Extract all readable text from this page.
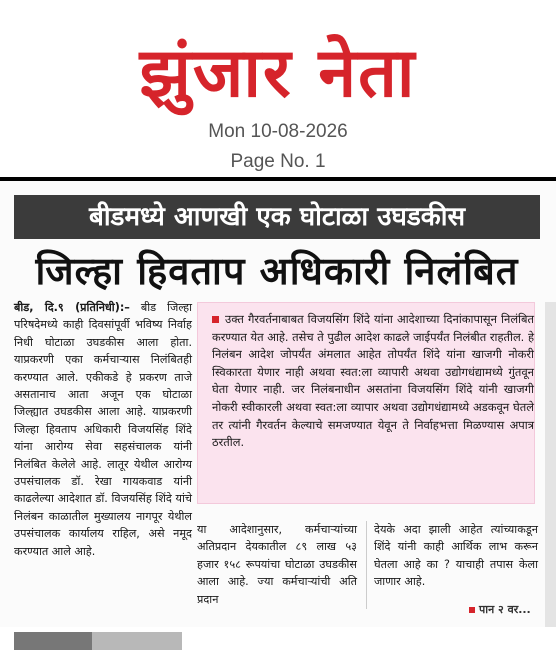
झुंजार नेता
Mon 10-08-2026
Page No. 1
बीडमध्ये आणखी एक घोटाळा उघडकीस
जिल्हा हिवताप अधिकारी निलंबित
बीड, दि.९ (प्रतिनिधी):– बीड जिल्हा परिषदेमध्ये काही दिवसांपूर्वी भविष्य निर्वाह निधी घोटाळा उघडकीस आला होता. याप्रकरणी एका कर्मचाऱ्यास निलंबितही करण्यात आले. एकीकडे हे प्रकरण ताजे असतानाच आता अजून एक घोटाळा जिल्ह्यात उघडकीस आला आहे. याप्रकरणी जिल्हा हिवताप अधिकारी विजयसिंह शिंदे यांना आरोग्य सेवा सहसंचालक यांनी निलंबित केलेले आहे. लातूर येथील आरोग्य उपसंचालक डॉ. रेखा गायकवाड यांनी काढलेल्या आदेशात डॉ. विजयसिंह शिंदे यांचे निलंबन काळातील मुख्यालय नागपूर येथील उपसंचालक कार्यालय राहिल, असे नमूद करण्यात आले आहे.
उक्त गैरवर्तनाबाबत विजयसिंग शिंदे यांना आदेशाच्या दिनांकापासून निलंबित करण्यात येत आहे. तसेच ते पुढील आदेश काढले जाईपर्यंत निलंबीत राहतील. हे निलंबन आदेश जोपर्यंत अंमलात आहेत तोपर्यंत शिंदे यांना खाजगी नोकरी स्विकारता येणार नाही अथवा स्वत:ला व्यापारी अथवा उद्योगधंद्यामध्ये गुंतवून घेता येणार नाही. जर निलंबनाधीन असतांना विजयसिंग शिंदे यांनी खाजगी नोकरी स्वीकारली अथवा स्वत:ला व्यापार अथवा उद्योगधंद्यामध्ये अडकवून घेतले तर त्यांनी गैरवर्तन केल्याचे समजण्यात येवून ते निर्वाहभत्ता मिळण्यास अपात्र ठरतील.
या आदेशानुसार, कर्मचाऱ्यांच्या अतिप्रदान देयकातील ८९ लाख ५३ हजार १५८ रूपयांचा घोटाळा उघडकीस आला आहे. ज्या कर्मचाऱ्यांची अति प्रदान
देयके अदा झाली आहेत त्यांच्याकडून शिंदे यांनी काही आर्थिक लाभ करून घेतला आहे का ? याचाही तपास केला जाणार आहे.
पान २ वर...
